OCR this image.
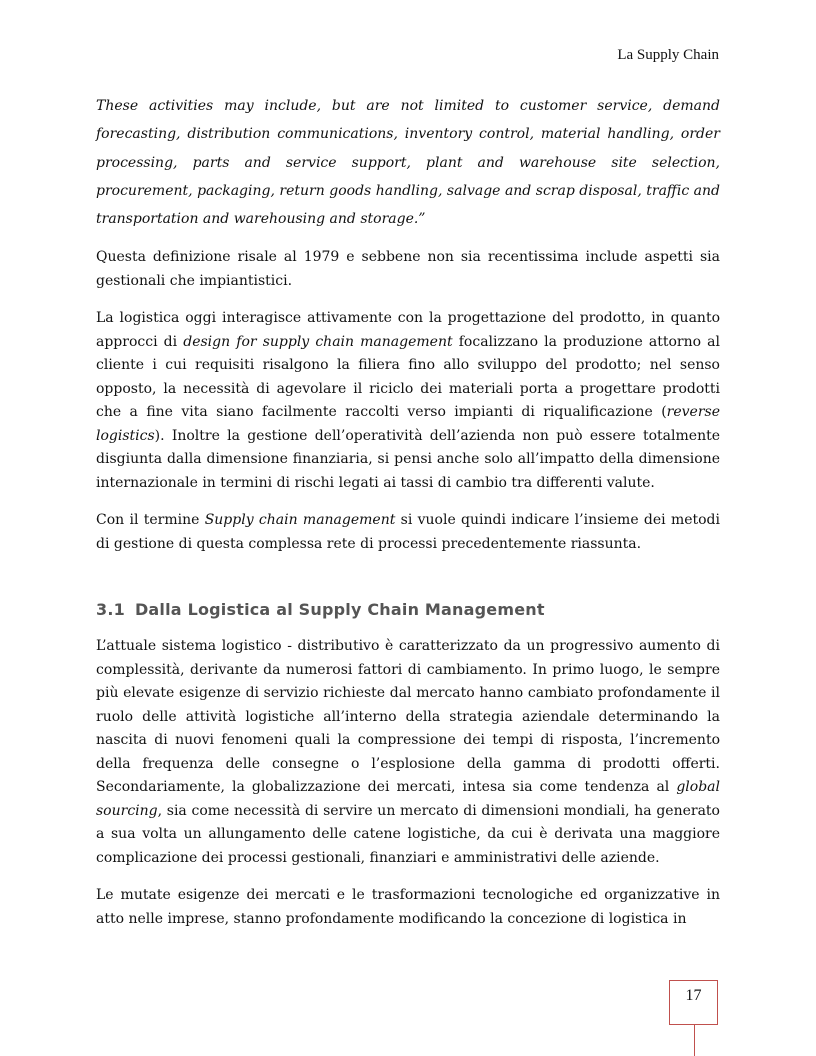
La Supply Chain

These activities may include, but are not limited to customer service, demand forecasting, distribution communications, inventory control, material handling, order processing, parts and service support, plant and warehouse site selection, procurement, packaging, return goods handling, salvage and scrap disposal, traffic and transportation and warehousing and storage.”

Questa definizione risale al 1979 e sebbene non sia recentissima include aspetti sia gestionali che impiantistici.

La logistica oggi interagisce attivamente con la progettazione del prodotto, in quanto approcci di design for supply chain management focalizzano la produzione attorno al cliente i cui requisiti risalgono la filiera fino allo sviluppo del prodotto; nel senso opposto, la necessità di agevolare il riciclo dei materiali porta a progettare prodotti che a fine vita siano facilmente raccolti verso impianti di riqualificazione (reverse logistics). Inoltre la gestione dell’operatività dell’azienda non può essere totalmente disgiunta dalla dimensione finanziaria, si pensi anche solo all’impatto della dimensione internazionale in termini di rischi legati ai tassi di cambio tra differenti valute.

Con il termine Supply chain management si vuole quindi indicare l’insieme dei metodi di gestione di questa complessa rete di processi precedentemente riassunta.

3.1 Dalla Logistica al Supply Chain Management

L’attuale sistema logistico - distributivo è caratterizzato da un progressivo aumento di complessità, derivante da numerosi fattori di cambiamento. In primo luogo, le sempre più elevate esigenze di servizio richieste dal mercato hanno cambiato profondamente il ruolo delle attività logistiche all’interno della strategia aziendale determinando la nascita di nuovi fenomeni quali la compressione dei tempi di risposta, l’incremento della frequenza delle consegne o l’esplosione della gamma di prodotti offerti. Secondariamente, la globalizzazione dei mercati, intesa sia come tendenza al global sourcing, sia come necessità di servire un mercato di dimensioni mondiali, ha generato a sua volta un allungamento delle catene logistiche, da cui è derivata una maggiore complicazione dei processi gestionali, finanziari e amministrativi delle aziende.

Le mutate esigenze dei mercati e le trasformazioni tecnologiche ed organizzative in atto nelle imprese, stanno profondamente modificando la concezione di logistica in

17
